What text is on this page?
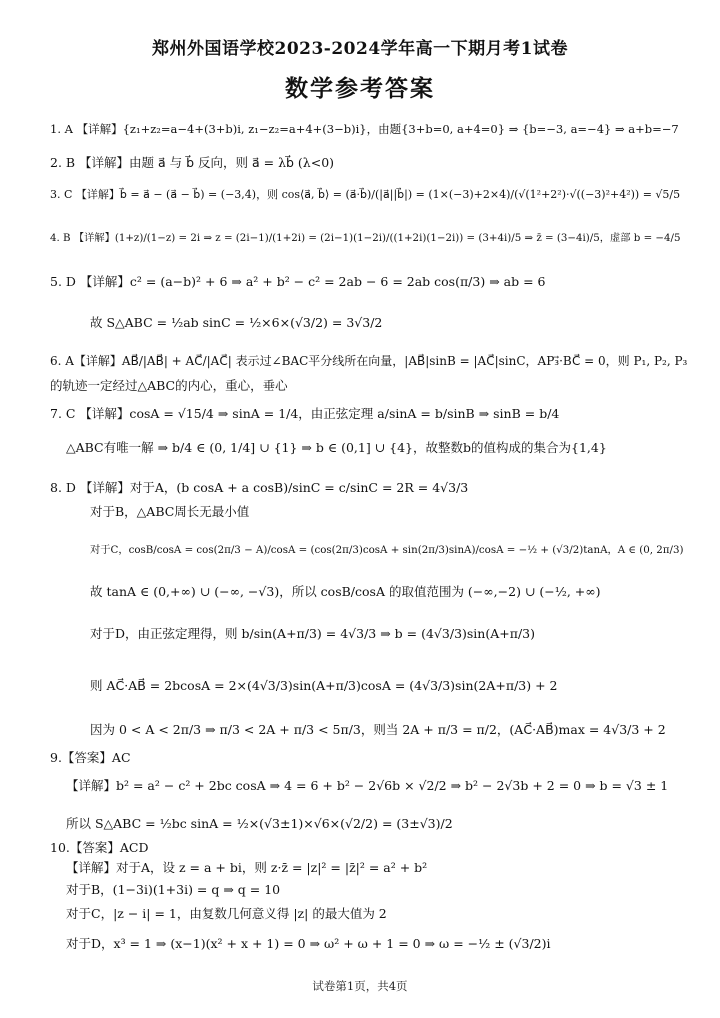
郑州外国语学校2023-2024学年高一下期月考1试卷
数学参考答案
1. A 【详解】{z₁+z₂=a−4+(3+b)i, z₁−z₂=a+4+(3−b)i}，由题{3+b=0, a+4=0} ⇒ {b=−3, a=−4} ⇒ a+b=−7
2. B 【详解】由题 a⃗ 与 b⃗ 反向，则 a⃗ = λb⃗ (λ<0)
3. C 【详解】b⃗ = a⃗ − (a⃗ − b⃗) = (−3,4)，则 cos⟨a⃗, b⃗⟩ = (a⃗·b⃗)/(|a⃗||b⃗|) = (1×(−3)+2×4)/(√(1²+2²)·√((−3)²+4²)) = √5/5
4. B 【详解】(1+z)/(1−z) = 2i ⇒ z = (2i−1)/(1+2i) = (2i−1)(1−2i)/((1+2i)(1−2i)) = (3+4i)/5 ⇒ z̄ = (3−4i)/5，虚部 b = −4/5
5. D 【详解】c² = (a−b)² + 6 ⇒ a² + b² − c² = 2ab − 6 = 2ab cos(π/3) ⇒ ab = 6
故 S△ABC = ½ab sinC = ½×6×(√3/2) = 3√3/2
6. A【详解】AB⃗/|AB⃗| + AC⃗/|AC⃗| 表示过∠BAC平分线所在向量，|AB⃗|sinB = |AC⃗|sinC，AP₃⃗·BC⃗ = 0，则 P₁, P₂, P₃
的轨迹一定经过△ABC的内心，重心，垂心
7. C 【详解】cosA = √15/4 ⇒ sinA = 1/4，由正弦定理 a/sinA = b/sinB ⇒ sinB = b/4
△ABC有唯一解 ⇒ b/4 ∈ (0, 1/4] ∪ {1} ⇒ b ∈ (0,1] ∪ {4}，故整数b的值构成的集合为{1,4}
8. D 【详解】对于A，(b cosA + a cosB)/sinC = c/sinC = 2R = 4√3/3
对于B，△ABC周长无最小值
对于C，cosB/cosA = cos(2π/3 − A)/cosA = (cos(2π/3)cosA + sin(2π/3)sinA)/cosA = −½ + (√3/2)tanA，A ∈ (0, 2π/3)
故 tanA ∈ (0,+∞) ∪ (−∞, −√3)，所以 cosB/cosA 的取值范围为 (−∞,−2) ∪ (−½, +∞)
对于D，由正弦定理得，则 b/sin(A+π/3) = 4√3/3 ⇒ b = (4√3/3)sin(A+π/3)
则 AC⃗·AB⃗ = 2bcosA = 2×(4√3/3)sin(A+π/3)cosA = (4√3/3)sin(2A+π/3) + 2
因为 0 < A < 2π/3 ⇒ π/3 < 2A + π/3 < 5π/3，则当 2A + π/3 = π/2，(AC⃗·AB⃗)max = 4√3/3 + 2
9.【答案】AC
【详解】b² = a² − c² + 2bc cosA ⇒ 4 = 6 + b² − 2√6b × √2/2 ⇒ b² − 2√3b + 2 = 0 ⇒ b = √3 ± 1
所以 S△ABC = ½bc sinA = ½×(√3±1)×√6×(√2/2) = (3±√3)/2
10.【答案】ACD
【详解】对于A，设 z = a + bi，则 z·z̄ = |z|² = |z̄|² = a² + b²
对于B，(1−3i)(1+3i) = q ⇒ q = 10
对于C，|z − i| = 1，由复数几何意义得 |z| 的最大值为 2
对于D，x³ = 1 ⇒ (x−1)(x² + x + 1) = 0 ⇒ ω² + ω + 1 = 0 ⇒ ω = −½ ± (√3/2)i
试卷第1页，共4页
